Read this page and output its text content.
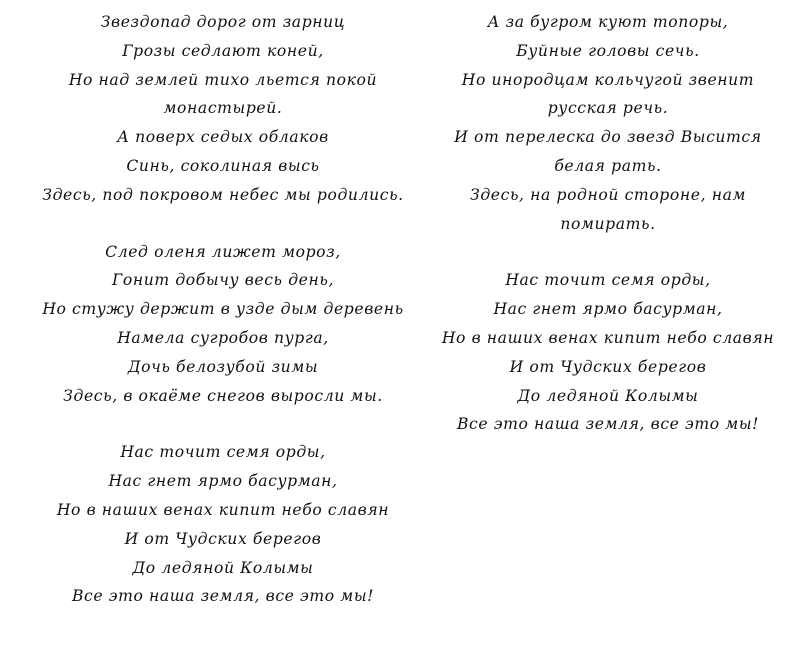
Звездопад дорог от зарниц
Грозы седлают коней,
Но над землей тихо льется покой
монастырей.
А поверх седых облаков
Синь, соколиная высь
Здесь, под покровом небес мы родились.
След оленя лижет мороз,
Гонит добычу весь день,
Но стужу держит в узде дым деревень
Намела сугробов пурга,
Дочь белозубой зимы
Здесь, в окаёме снегов выросли мы.
Нас точит семя орды,
Нас гнет ярмо басурман,
Но в наших венах кипит небо славян
И от Чудских берегов
До ледяной Колымы
Все это наша земля, все это мы!
А за бугром куют топоры,
Буйные головы сечь.
Но инородцам кольчугой звенит
русская речь.
И от перелеска до звезд Высится
белая рать.
Здесь, на родной стороне, нам
помирать.
Нас точит семя орды,
Нас гнет ярмо басурман,
Но в наших венах кипит небо славян
И от Чудских берегов
До ледяной Колымы
Все это наша земля, все это мы!
